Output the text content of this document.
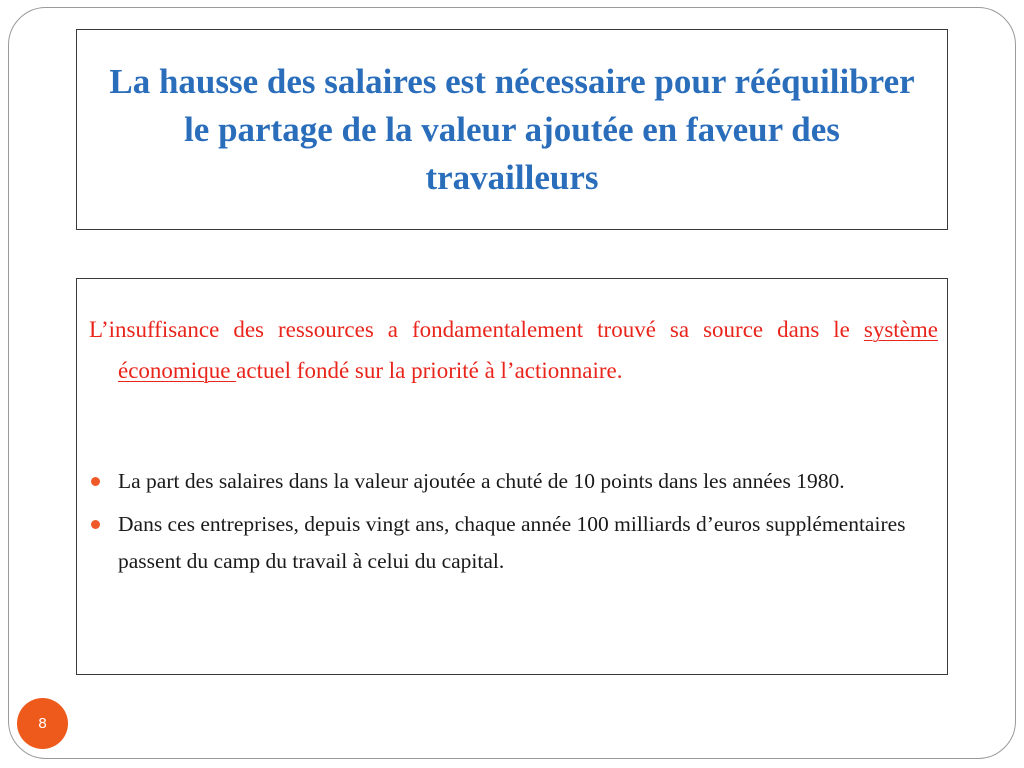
La hausse des salaires est nécessaire pour rééquilibrer le partage de la valeur ajoutée en faveur des travailleurs

L’insuffisance des ressources a fondamentalement trouvé sa source dans le système économique actuel fondé sur la priorité à l’actionnaire.

La part des salaires dans la valeur ajoutée a chuté de 10 points dans les années 1980.
Dans ces entreprises, depuis vingt ans, chaque année 100 milliards d’euros supplémentaires passent du camp du travail à celui du capital.
8
